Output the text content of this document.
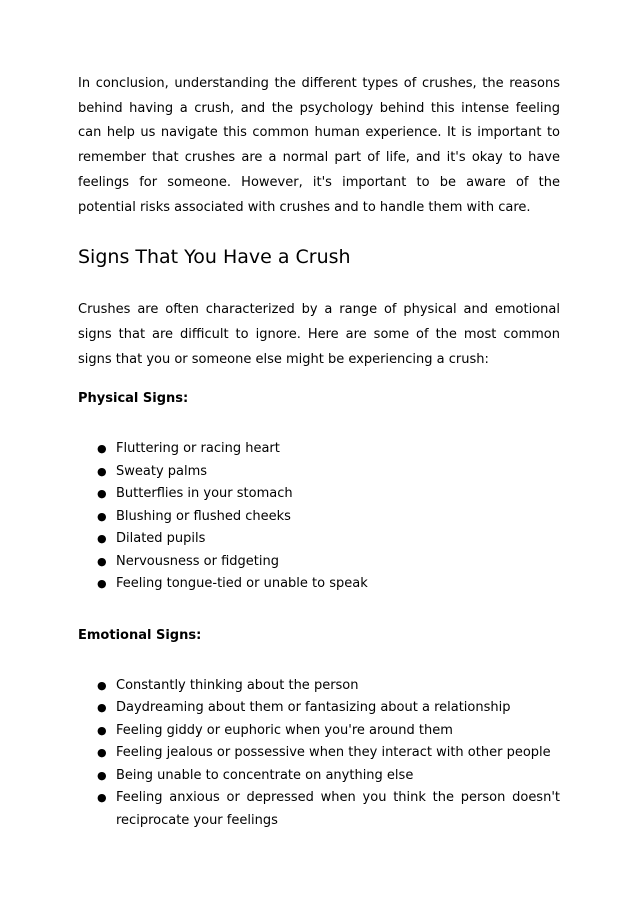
In conclusion, understanding the different types of crushes, the reasons behind having a crush, and the psychology behind this intense feeling can help us navigate this common human experience. It is important to remember that crushes are a normal part of life, and it's okay to have feelings for someone. However, it's important to be aware of the potential risks associated with crushes and to handle them with care.

Signs That You Have a Crush

Crushes are often characterized by a range of physical and emotional signs that are difficult to ignore. Here are some of the most common signs that you or someone else might be experiencing a crush:

Physical Signs:
● Fluttering or racing heart
● Sweaty palms
● Butterflies in your stomach
● Blushing or flushed cheeks
● Dilated pupils
● Nervousness or fidgeting
● Feeling tongue-tied or unable to speak
Emotional Signs:
● Constantly thinking about the person
● Daydreaming about them or fantasizing about a relationship
● Feeling giddy or euphoric when you're around them
● Feeling jealous or possessive when they interact with other people
● Being unable to concentrate on anything else
● Feeling anxious or depressed when you think the person doesn't reciprocate your feelings
